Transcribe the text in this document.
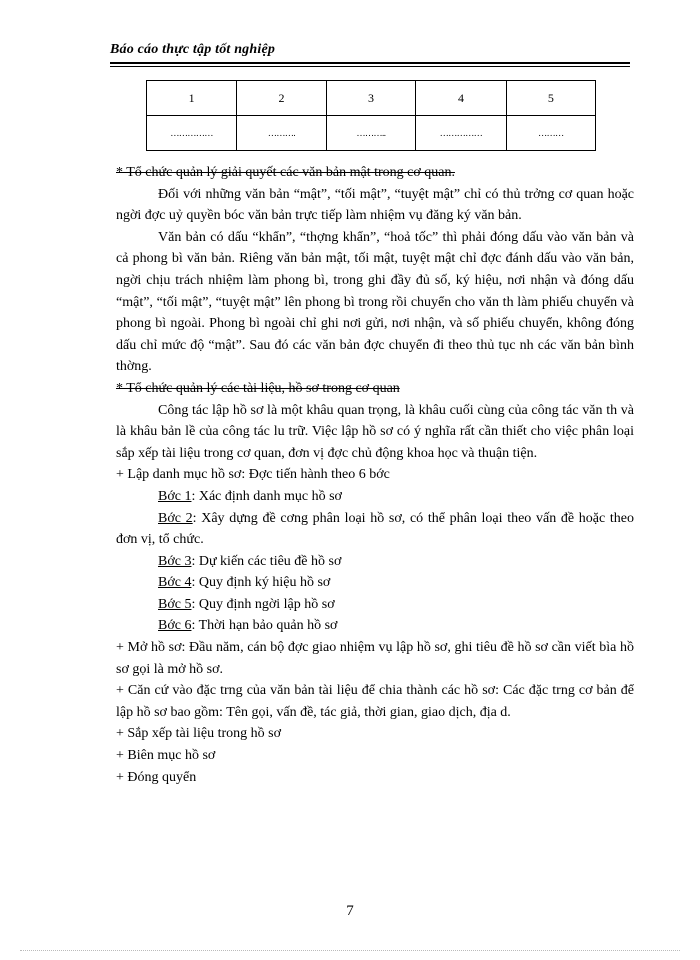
Báo cáo thực tập tốt nghiệp
1	2	3	4	5
……………	……….	………..	……………	………

* Tổ chức quản lý giải quyết các văn bản mật trong cơ quan.

Đối với những văn bản “mật”, “tối mật”, “tuyệt mật” chỉ có thủ trởng cơ quan hoặc ngời đợc uỷ quyền bóc văn bản trực tiếp làm nhiệm vụ đăng ký văn bản.

Văn bản có dấu “khẩn”, “thợng khẩn”, “hoả tốc” thì phải đóng dấu vào văn bản và cả phong bì văn bản. Riêng văn bản mật, tối mật, tuyệt mật chỉ đợc đánh dấu vào văn bản, ngời chịu trách nhiệm làm phong bì, trong ghi đầy đủ số, ký hiệu, nơi nhận và đóng dấu “mật”, “tối mật”, “tuyệt mật” lên phong bì trong rồi chuyển cho văn th làm phiếu chuyển và phong bì ngoài. Phong bì ngoài chỉ ghi nơi gửi, nơi nhận, và số phiếu chuyển, không đóng dấu chỉ mức độ “mật”. Sau đó các văn bản đợc chuyển đi theo thủ tục nh các văn bản bình thờng.

* Tổ chức quản lý các tài liệu, hồ sơ trong cơ quan

Công tác lập hồ sơ là một khâu quan trọng, là khâu cuối cùng của công tác văn th và là khâu bản lề của công tác lu trữ. Việc lập hồ sơ có ý nghĩa rất cần thiết cho việc phân loại sắp xếp tài liệu trong cơ quan, đơn vị đợc chủ động khoa học và thuận tiện.

+ Lập danh mục hồ sơ: Đợc tiến hành theo 6 bớc

Bớc 1: Xác định danh mục hồ sơ

Bớc 2: Xây dựng đề cơng phân loại hồ sơ, có thể phân loại theo vấn đề hoặc theo đơn vị, tổ chức.

Bớc 3: Dự kiến các tiêu đề hồ sơ

Bớc 4: Quy định ký hiệu hồ sơ

Bớc 5: Quy định ngời lập hồ sơ

Bớc 6: Thời hạn bảo quản hồ sơ

+ Mở hồ sơ: Đầu năm, cán bộ đợc giao nhiệm vụ lập hồ sơ, ghi tiêu đề hồ sơ cần viết bìa hồ sơ gọi là mở hồ sơ.

+ Căn cứ vào đặc trng của văn bản tài liệu để chia thành các hồ sơ: Các đặc trng cơ bản để lập hồ sơ bao gồm: Tên gọi, vấn đề, tác giả, thời gian, giao dịch, địa d.

+ Sắp xếp tài liệu trong hồ sơ

+ Biên mục hồ sơ

+ Đóng quyển

7
